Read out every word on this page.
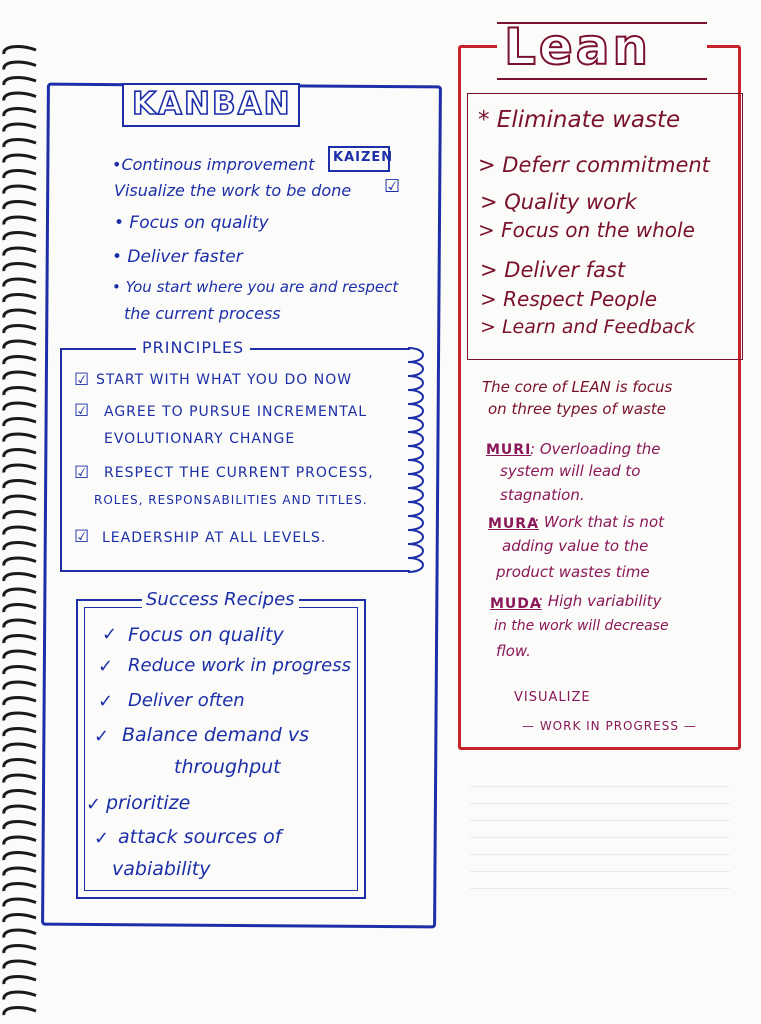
KANBAN
•Continous improvement KAIZEN
Visualize the work to be done ☑
• Focus on quality
• Deliver faster
• You start where you are and respect
the current process
PRINCIPLES
☑ START WITH WHAT YOU DO NOW
☑ AGREE TO PURSUE INCREMENTAL
EVOLUTIONARY CHANGE
☑ RESPECT THE CURRENT PROCESS,
ROLES, RESPONSABILITIES AND TITLES.
☑ LEADERSHIP AT ALL LEVELS.
Success Recipes
✓ Focus on quality
✓ Reduce work in progress
✓ Deliver often
✓ Balance demand vs
throughput
✓ prioritize
✓ attack sources of
vabiability
Lean
* Eliminate waste
> Deferr commitment
> Quality work
> Focus on the whole
> Deliver fast
> Respect People
> Learn and Feedback
The core of LEAN is focus
on three types of waste
MURI
: Overloading the
system will lead to
stagnation.
MURA
: Work that is not
adding value to the
product wastes time
MUDA
: High variability
in the work will decrease
flow.
VISUALIZE
— WORK IN PROGRESS —
